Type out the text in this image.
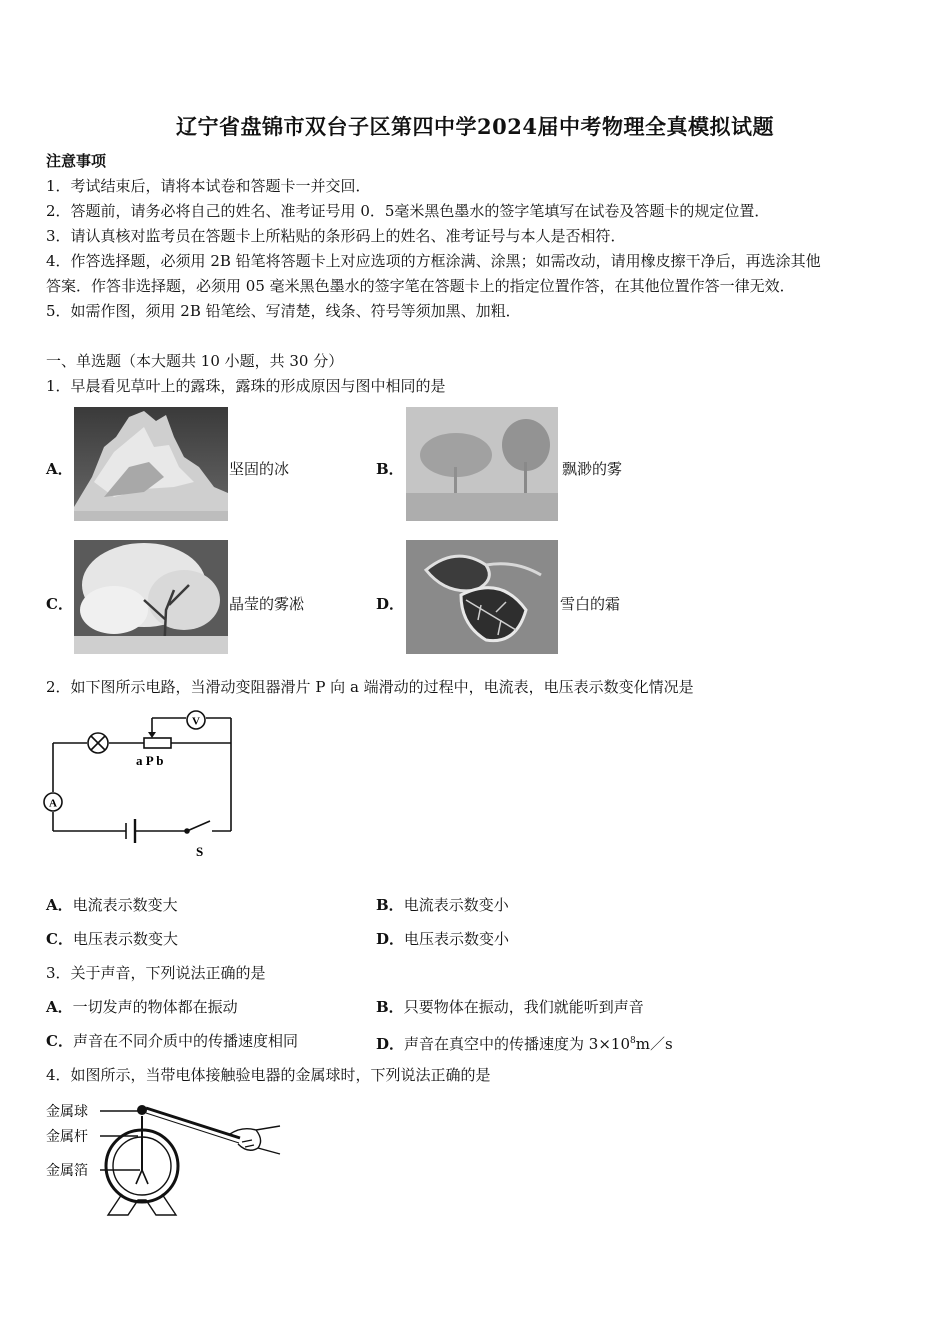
辽宁省盘锦市双台子区第四中学2024届中考物理全真模拟试题
注意事项
1．考试结束后，请将本试卷和答题卡一并交回．
2．答题前，请务必将自己的姓名、准考证号用 0．5毫米黑色墨水的签字笔填写在试卷及答题卡的规定位置．
3．请认真核对监考员在答题卡上所粘贴的条形码上的姓名、准考证号与本人是否相符．
4．作答选择题，必须用 2B 铅笔将答题卡上对应选项的方框涂满、涂黑；如需改动，请用橡皮擦干净后，再选涂其他
答案．作答非选择题，必须用 05 毫米黑色墨水的签字笔在答题卡上的指定位置作答，在其他位置作答一律无效．
5．如需作图，须用 2B 铅笔绘、写清楚，线条、符号等须加黑、加粗．
一、单选题（本大题共 10 小题，共 30 分）
1．早晨看见草叶上的露珠，露珠的形成原因与图中相同的是
A．	坚固的冰	B．	飘渺的雾
C．	晶莹的雾凇	D．	雪白的霜
2．如下图所示电路，当滑动变阻器滑片 P 向 a 端滑动的过程中，电流表，电压表示数变化情况是
A
V
a P b
S
A．电流表示数变大	B．电流表示数变小
C．电压表示数变大	D．电压表示数变小
3．关于声音，下列说法正确的是
A．一切发声的物体都在振动	B．只要物体在振动，我们就能听到声音
C．声音在不同介质中的传播速度相同	D．声音在真空中的传播速度为 $3\times 10^8m/s$
4．如图所示，当带电体接触验电器的金属球时，下列说法正确的是
金属球
金属杆
金属箔
